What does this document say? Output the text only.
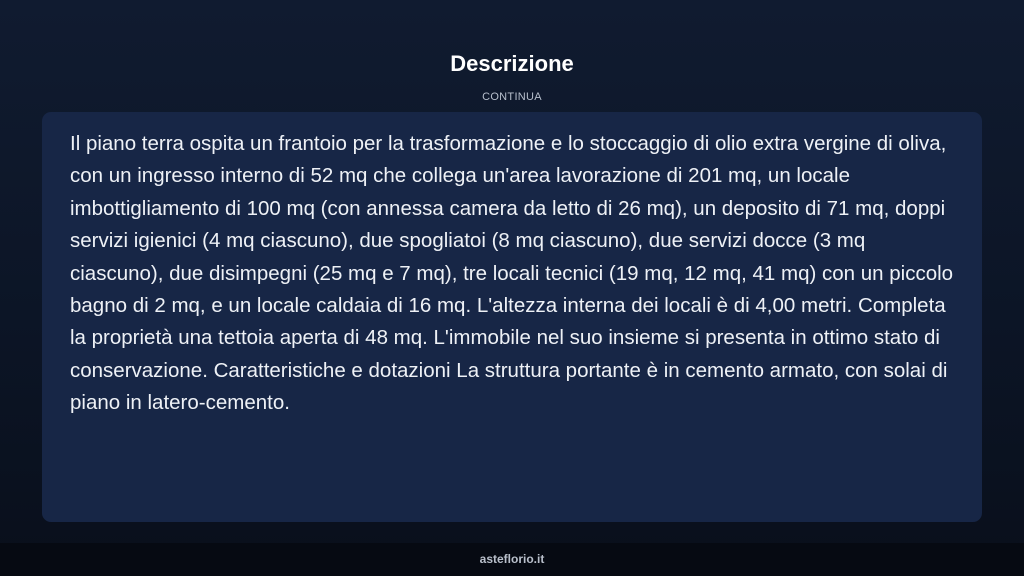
Descrizione
CONTINUA

Il piano terra ospita un frantoio per la trasformazione e lo stoccaggio di olio extra vergine di oliva, con un ingresso interno di 52 mq che collega un'area lavorazione di 201 mq, un locale imbottigliamento di 100 mq (con annessa camera da letto di 26 mq), un deposito di 71 mq, doppi servizi igienici (4 mq ciascuno), due spogliatoi (8 mq ciascuno), due servizi docce (3 mq ciascuno), due disimpegni (25 mq e 7 mq), tre locali tecnici (19 mq, 12 mq, 41 mq) con un piccolo bagno di 2 mq, e un locale caldaia di 16 mq. L'altezza interna dei locali è di 4,00 metri. Completa la proprietà una tettoia aperta di 48 mq. L'immobile nel suo insieme si presenta in ottimo stato di conservazione. Caratteristiche e dotazioni La struttura portante è in cemento armato, con solai di piano in latero-cemento.

asteflorio.it
